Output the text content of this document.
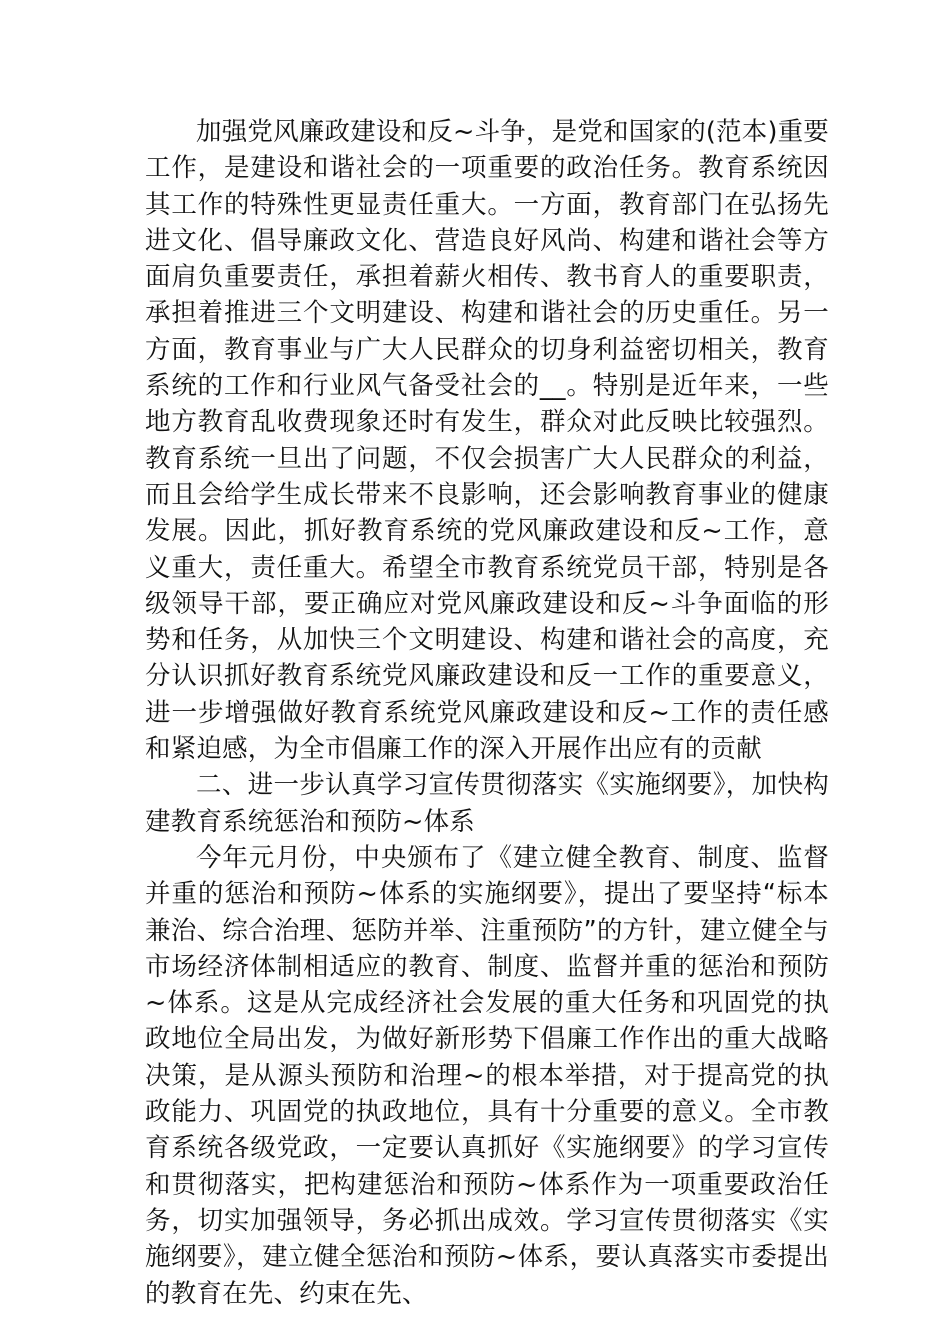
加强党风廉政建设和反~斗争，是党和国家的(范本)重要工作，是建设和谐社会的一项重要的政治任务。教育系统因其工作的特殊性更显责任重大。一方面，教育部门在弘扬先进文化、倡导廉政文化、营造良好风尚、构建和谐社会等方面肩负重要责任，承担着薪火相传、教书育人的重要职责，承担着推进三个文明建设、构建和谐社会的历史重任。另一方面，教育事业与广大人民群众的切身利益密切相关，教育系统的工作和行业风气备受社会的__。特别是近年来，一些地方教育乱收费现象还时有发生，群众对此反映比较强烈。教育系统一旦出了问题，不仅会损害广大人民群众的利益，而且会给学生成长带来不良影响，还会影响教育事业的健康发展。因此，抓好教育系统的党风廉政建设和反~工作，意义重大，责任重大。希望全市教育系统党员干部，特别是各级领导干部，要正确应对党风廉政建设和反~斗争面临的形势和任务，从加快三个文明建设、构建和谐社会的高度，充分认识抓好教育系统党风廉政建设和反一工作的重要意义，进一步增强做好教育系统党风廉政建设和反~工作的责任感和紧迫感，为全市倡廉工作的深入开展作出应有的贡献

二、进一步认真学习宣传贯彻落实《实施纲要》，加快构建教育系统惩治和预防~体系

今年元月份，中央颁布了《建立健全教育、制度、监督并重的惩治和预防~体系的实施纲要》，提出了要坚持“标本兼治、综合治理、惩防并举、注重预防”的方针，建立健全与市场经济体制相适应的教育、制度、监督并重的惩治和预防~体系。这是从完成经济社会发展的重大任务和巩固党的执政地位全局出发，为做好新形势下倡廉工作作出的重大战略决策，是从源头预防和治理~的根本举措，对于提高党的执政能力、巩固党的执政地位，具有十分重要的意义。全市教育系统各级党政，一定要认真抓好《实施纲要》的学习宣传和贯彻落实，把构建惩治和预防~体系作为一项重要政治任务，切实加强领导，务必抓出成效。学习宣传贯彻落实《实施纲要》，建立健全惩治和预防~体系，要认真落实市委提出的教育在先、约束在先、
